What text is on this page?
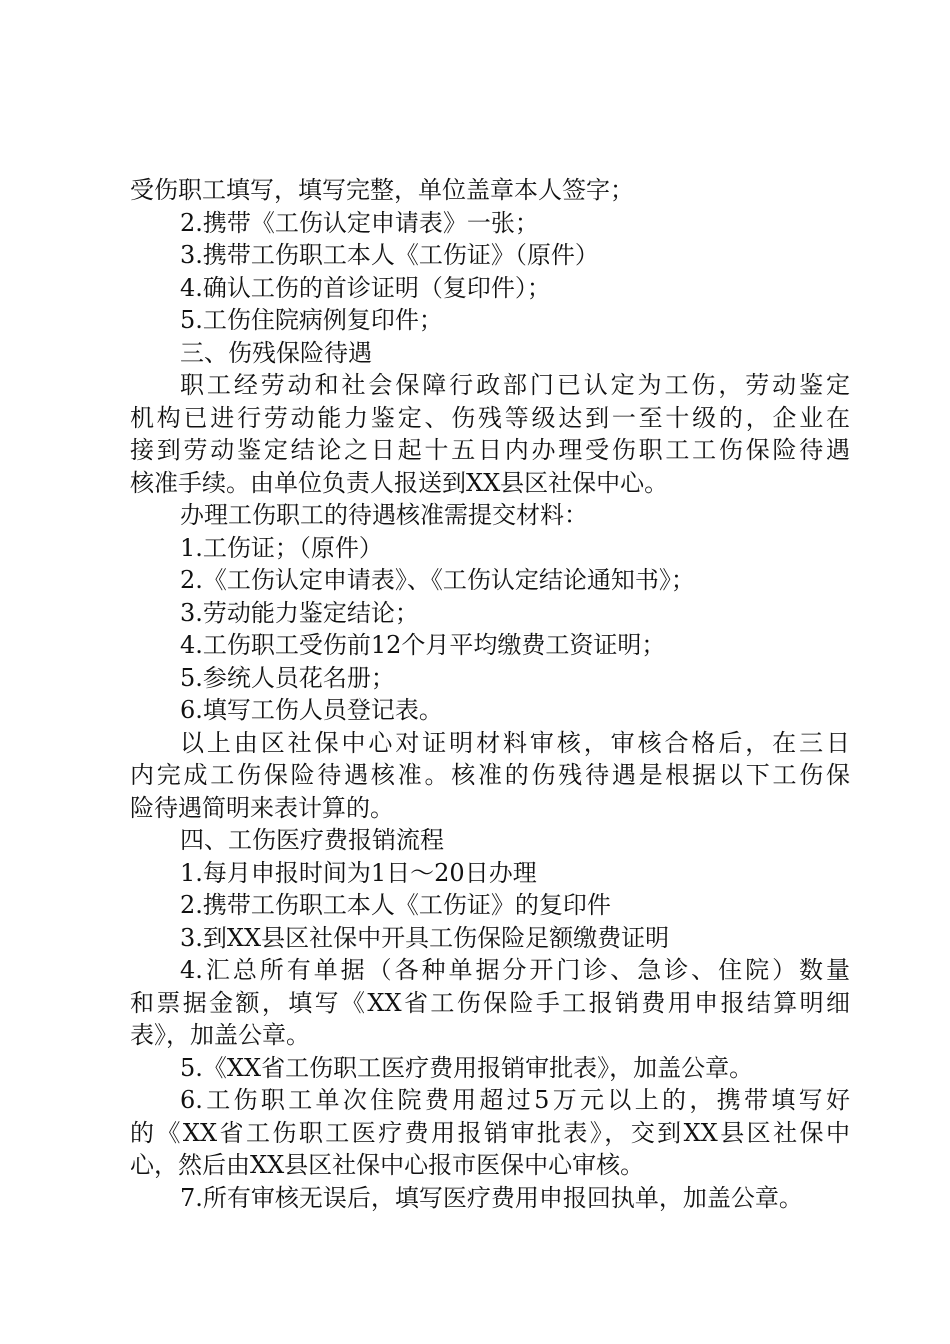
受伤职工填写，填写完整，单位盖章本人签字；
2.携带《工伤认定申请表》一张；
3.携带工伤职工本人《工伤证》（原件）
4.确认工伤的首诊证明（复印件）；
5.工伤住院病例复印件；
三、伤残保险待遇
职工经劳动和社会保障行政部门已认定为工伤，劳动鉴定
机构已进行劳动能力鉴定、伤残等级达到一至十级的，企业在
接到劳动鉴定结论之日起十五日内办理受伤职工工伤保险待遇
核准手续。由单位负责人报送到XX县区社保中心。
办理工伤职工的待遇核准需提交材料：
1.工伤证；（原件）
2.《工伤认定申请表》、《工伤认定结论通知书》；
3.劳动能力鉴定结论；
4.工伤职工受伤前12个月平均缴费工资证明；
5.参统人员花名册；
6.填写工伤人员登记表。
以上由区社保中心对证明材料审核，审核合格后，在三日
内完成工伤保险待遇核准。核准的伤残待遇是根据以下工伤保
险待遇简明来表计算的。
四、工伤医疗费报销流程
1.每月申报时间为1日～20日办理
2.携带工伤职工本人《工伤证》的复印件
3.到XX县区社保中开具工伤保险足额缴费证明
4.汇总所有单据（各种单据分开门诊、急诊、住院）数量
和票据金额，填写《XX省工伤保险手工报销费用申报结算明细
表》，加盖公章。
5.《XX省工伤职工医疗费用报销审批表》，加盖公章。
6.工伤职工单次住院费用超过5万元以上的，携带填写好
的《XX省工伤职工医疗费用报销审批表》，交到XX县区社保中
心，然后由XX县区社保中心报市医保中心审核。
7.所有审核无误后，填写医疗费用申报回执单，加盖公章。
